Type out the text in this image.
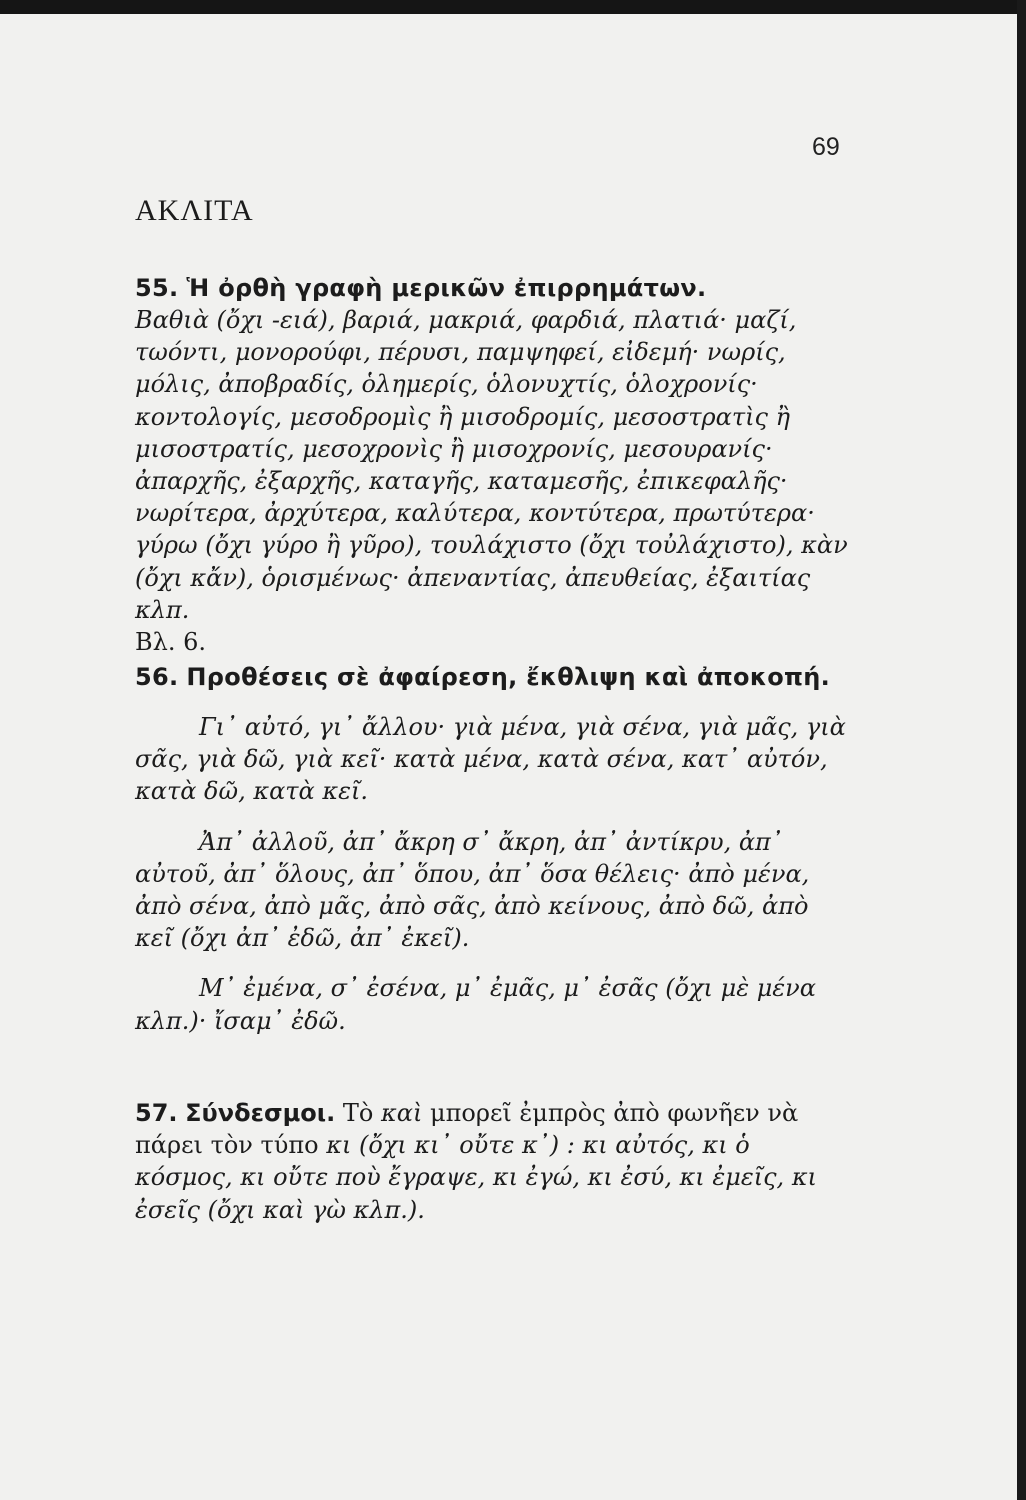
69
ΑΚΛΙΤΑ
55. Ἡ ὀρθὴ γραφὴ μερικῶν ἐπιρρημάτων.

Βαθιὰ (ὄχι -ειά), βαριά, μακριά, φαρδιά, πλατιά· μαζί, τωόντι, μονορούφι, πέρυσι, παμψηφεί, εἰδεμή· νωρίς, μόλις, ἀποβραδίς, ὁλημερίς, ὁλονυχτίς, ὁλοχρονίς· κοντολογίς, μεσοδρομὶς ἢ μισοδρομίς, μεσοστρατὶς ἢ μισοστρατίς, μεσοχρονὶς ἢ μισοχρονίς, μεσουρανίς· ἀπαρχῆς, ἐξαρχῆς, καταγῆς, καταμεσῆς, ἐπικεφαλῆς· νωρίτερα, ἀρχύτερα, καλύτερα, κοντύτερα, πρωτύτερα· γύρω (ὄχι γύρο ἢ γῦρο), τουλάχιστο (ὄχι τοὐλάχιστο), κὰν (ὄχι κἄν), ὁρισμένως· ἀπεναντίας, ἀπευθείας, ἐξαιτίας κλπ.

Βλ. 6.

56. Προθέσεις σὲ ἀφαίρεση, ἔκθλιψη καὶ ἀποκοπή.

Γι᾿ αὐτό, γι᾿ ἄλλου· γιὰ μένα, γιὰ σένα, γιὰ μᾶς, γιὰ σᾶς, γιὰ δῶ, γιὰ κεῖ· κατὰ μένα, κατὰ σένα, κατ᾿ αὐτόν, κατὰ δῶ, κατὰ κεῖ.

Ἀπ᾿ ἀλλοῦ, ἀπ᾿ ἄκρη σ᾿ ἄκρη, ἀπ᾿ ἀντίκρυ, ἀπ᾿ αὐτοῦ, ἀπ᾿ ὅλους, ἀπ᾿ ὅπου, ἀπ᾿ ὅσα θέλεις· ἀπὸ μένα, ἀπὸ σένα, ἀπὸ μᾶς, ἀπὸ σᾶς, ἀπὸ κείνους, ἀπὸ δῶ, ἀπὸ κεῖ (ὄχι ἀπ᾿ ἐδῶ, ἀπ᾿ ἐκεῖ).

Μ᾿ ἐμένα, σ᾿ ἐσένα, μ᾿ ἐμᾶς, μ᾿ ἐσᾶς (ὄχι μὲ μένα κλπ.)· ἴσαμ᾿ ἐδῶ.

57. Σύνδεσμοι. Τὸ καὶ μπορεῖ ἐμπρὸς ἀπὸ φωνῆεν νὰ πάρει τὸν τύπο κι (ὄχι κι᾿ οὔτε κ᾿) : κι αὐτός, κι ὁ κόσμος, κι οὔτε ποὺ ἔγραψε, κι ἐγώ, κι ἐσύ, κι ἐμεῖς, κι ἐσεῖς (ὄχι καὶ γὼ κλπ.).
